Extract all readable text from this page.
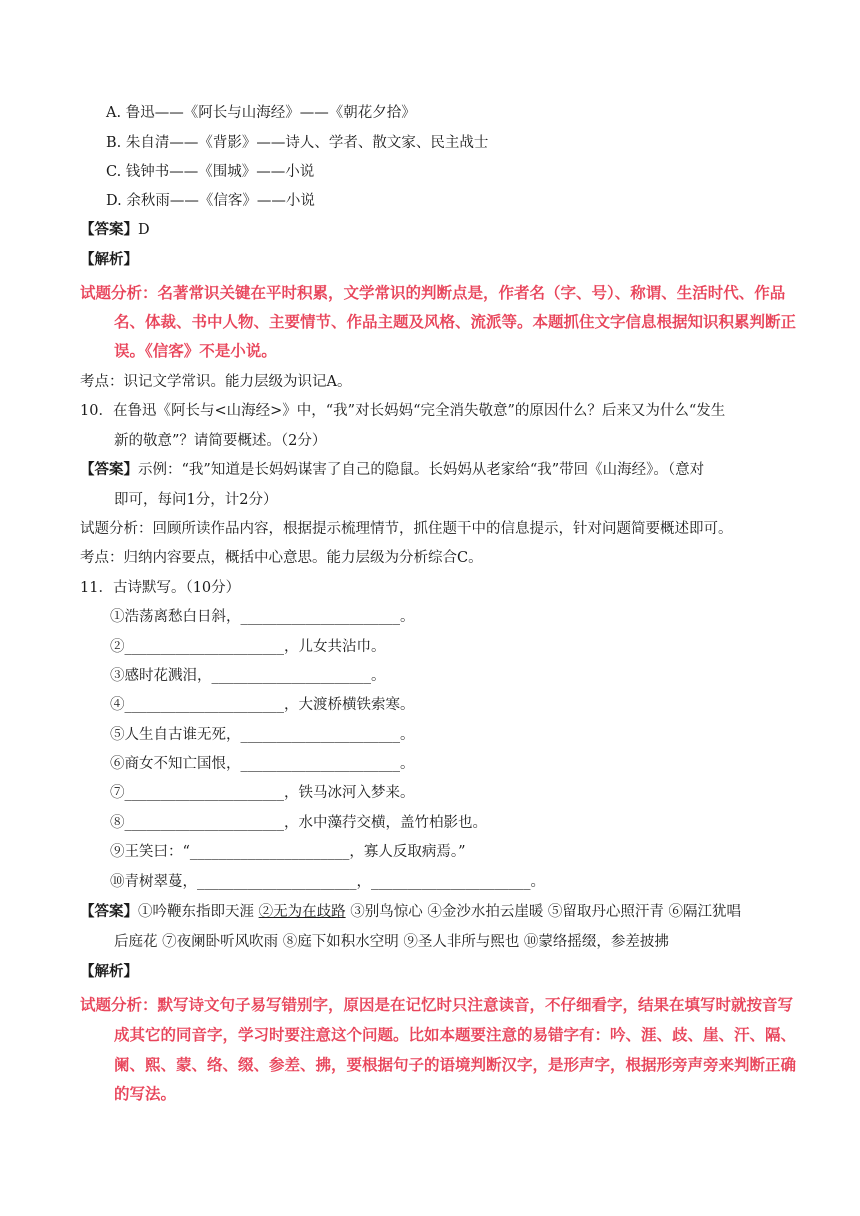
A. 鲁迅——《阿长与山海经》——《朝花夕拾》
B. 朱自清——《背影》——诗人、学者、散文家、民主战士
C. 钱钟书——《围城》——小说
D. 余秋雨——《信客》——小说
【答案】D
【解析】
试题分析：名著常识关键在平时积累，文学常识的判断点是，作者名（字、号）、称谓、生活时代、作品
名、体裁、书中人物、主要情节、作品主题及风格、流派等。本题抓住文字信息根据知识积累判断正
误。《信客》不是小说。
考点：识记文学常识。能力层级为识记A。
10．在鲁迅《阿长与<山海经>》中，“我”对长妈妈“完全消失敬意”的原因什么？后来又为什么“发生
新的敬意”？请简要概述。（2分）
【答案】示例：“我”知道是长妈妈谋害了自己的隐鼠。长妈妈从老家给“我”带回《山海经》。（意对
即可，每问1分，计2分）
试题分析：回顾所读作品内容，根据提示梳理情节，抓住题干中的信息提示，针对问题简要概述即可。
考点：归纳内容要点，概括中心意思。能力层级为分析综合C。
11．古诗默写。（10分）
①浩荡离愁白日斜，______________________。
②______________________，儿女共沾巾。
③感时花溅泪，______________________。
④______________________，大渡桥横铁索寒。
⑤人生自古谁无死，______________________。
⑥商女不知亡国恨，______________________。
⑦______________________，铁马冰河入梦来。
⑧______________________，水中藻荇交横，盖竹柏影也。
⑨王笑曰：“______________________，寡人反取病焉。”
⑩青树翠蔓，______________________，______________________。
【答案】①吟鞭东指即天涯 ②无为在歧路 ③别鸟惊心 ④金沙水拍云崖暖 ⑤留取丹心照汗青 ⑥隔江犹唱
后庭花 ⑦夜阑卧听风吹雨 ⑧庭下如积水空明 ⑨圣人非所与熙也 ⑩蒙络摇缀，参差披拂
【解析】
试题分析：默写诗文句子易写错别字，原因是在记忆时只注意读音，不仔细看字，结果在填写时就按音写
成其它的同音字，学习时要注意这个问题。比如本题要注意的易错字有：吟、涯、歧、崖、汗、隔、
阑、熙、蒙、络、缀、参差、拂，要根据句子的语境判断汉字，是形声字，根据形旁声旁来判断正确
的写法。
